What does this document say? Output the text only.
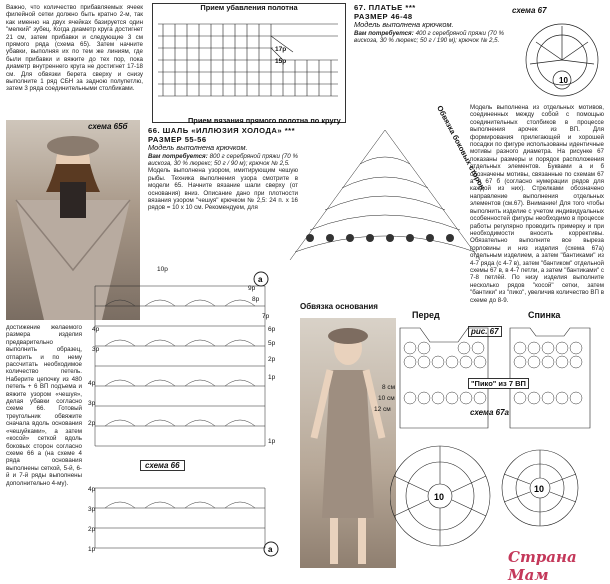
Важно, что количество прибавляемых ячеек филейной сетки должно быть кратно 2-м, так как именно на двух ячейках базируется один "мелкий" зубец. Когда диаметр круга достигнет 21 см, затем прибавки и следующие 3 см прямого ряда (схема 65). Затем начните убавки, выполняя их по тем же линиям, где были прибавки и вяжите до тех пор, пока диаметр внутреннего круга не достигнет 17-18 см. Для обвязки берета сверху и снизу выполните 1 ряд СБН за задною полупетлю, затем 3 ряда соединительными столбиками.
схема 65б	66. ШАЛЬ «ИЛЛЮЗИЯ ХОЛОДА» ***
РАЗМЕР 55-56
Модель выполнена крючком.
Вам потребуется: 800 г серебряной пряжи (70 % вискоза, 30 % люрекс; 50 г / 90 м); крючок № 2,5.
Модель выполнена узором, имитирующим чешую рыбы. Техника выполнения узора смотрите в модели 65. Начните вязание шали сверху (от основания) вниз. Описание дано при плотности вязания узором "чешуя" крючком № 2,5: 24 п. х 16 рядов = 10 х 10 см. Рекомендуем, для
Прием убавления полотна
17р
15р
Прием вязания прямого полотна по кругу
67. ПЛАТЬЕ ***
РАЗМЕР 46-48
Модель выполнена крючком.
Вам потребуется: 400 г серебряной пряжи (70 % вискоза, 30 % люрекс; 50 г / 190 м); крючок № 2,5.
Модель выполнена из отдельных мотивов, соединенных между собой с помощью соединительных столбиков в процессе выполнения арочек из ВП. Для формирования прилегающей и хорошей посадки по фигуре использованы идентичные мотивы разного диаметра. На рисунке 67 показаны размеры и порядок расположения отдельных элементов. Буквами а и б обозначены мотивы, связанные по схемам 67 а и 67 б (согласно нумерации рядов для каждой из них). Стрелками обозначено направление выполнения отдельных элементов (см.67). Внимание! Для того чтобы выполнить изделие с учетом индивидуальных особенностей фигуры необходимо в процессе работы регулярно проводить примерку и при необходимости вносить коррективы. Обязательно выполните все выреза горловины и низ изделия (схема 67а) отдельным изделием, а затем "бантиками" из 4-7 ряда (с 4-7 в), затем "бантиком" отдельной схемы 67 в, в 4-7 петли, а затем "бантиками" с 7-8 петлёй. По низу изделия выполните несколько рядов "косой" сетки, затем "бантики" из "пико", увеличив количество ВП в схеме до 8-9.
схема 67
10
Обвязка боковых сторон
Обвязка основания
10р
9р
8р
7р
6р
5р
4р
3р
2р
1р
4р
3р
2р
1р
4р
3р
2р
1р
схема 66
а
а
достижение желаемого размера изделия предварительно выполнить образец, отпарить и по нему рассчитать необходимое количество петель. Наберите цепочку из 480 петель + 6 ВП подъема и вяжите узором «чешуя», делая убавки согласно схеме 66. Готовый треугольник обвяжите сначала вдоль основания «чешуйками», а затем «косой» сеткой вдоль боковых сторон согласно схеме 66 а (на схеме 4 ряда основания выполнены сеткой, 5-й, 6-й и 7-й ряды выполнены дополнительно 4-му).
Перед	Спинка
рис. 67
8 см
10 см
12 см
"Пико" из 7 ВП
схема 67а
10
10
Страна Мам
